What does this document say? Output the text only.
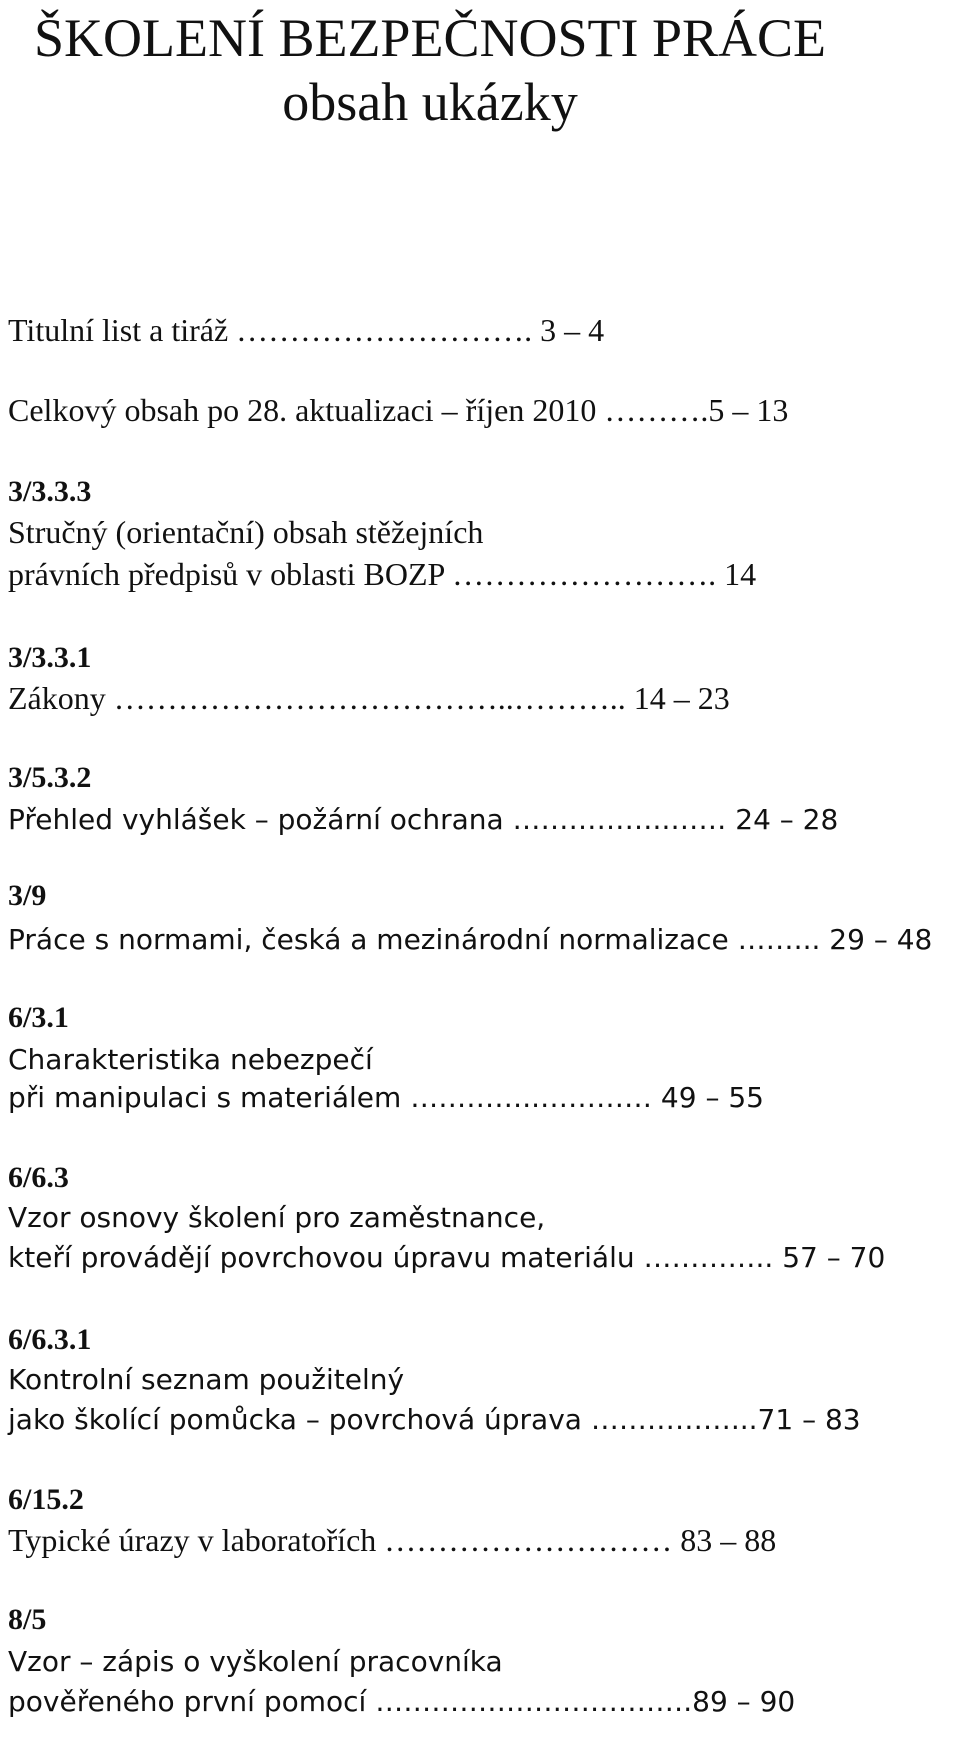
ŠKOLENÍ BEZPEČNOSTI PRÁCE
obsah ukázky
Titulní list a tiráž ………………………. 3 – 4
Celkový obsah po 28. aktualizaci – říjen 2010 ……….5 – 13
3/3.3.3
Stručný (orientační) obsah stěžejních
právních předpisů v oblasti BOZP ……………………. 14
3/3.3.1
Zákony ………………………………..……….. 14 – 23
3/5.3.2
Přehled vyhlášek – požární ochrana ……………..…… 24 – 28
3/9
Práce s normami, česká a mezinárodní normalizace ……... 29 – 48
6/3.1
Charakteristika nebezpečí
při manipulaci s materiálem …………..………… 49 – 55
6/6.3
Vzor osnovy školení pro zaměstnance,
kteří provádějí povrchovou úpravu materiálu ………….. 57 – 70
6/6.3.1
Kontrolní seznam použitelný
jako školící pomůcka – povrchová úprava ……………...71 – 83
6/15.2
Typické úrazy v laboratořích ……………………… 83 – 88
8/5
Vzor – zápis o vyškolení pracovníka
pověřeného první pomocí …………………………….89 – 90
